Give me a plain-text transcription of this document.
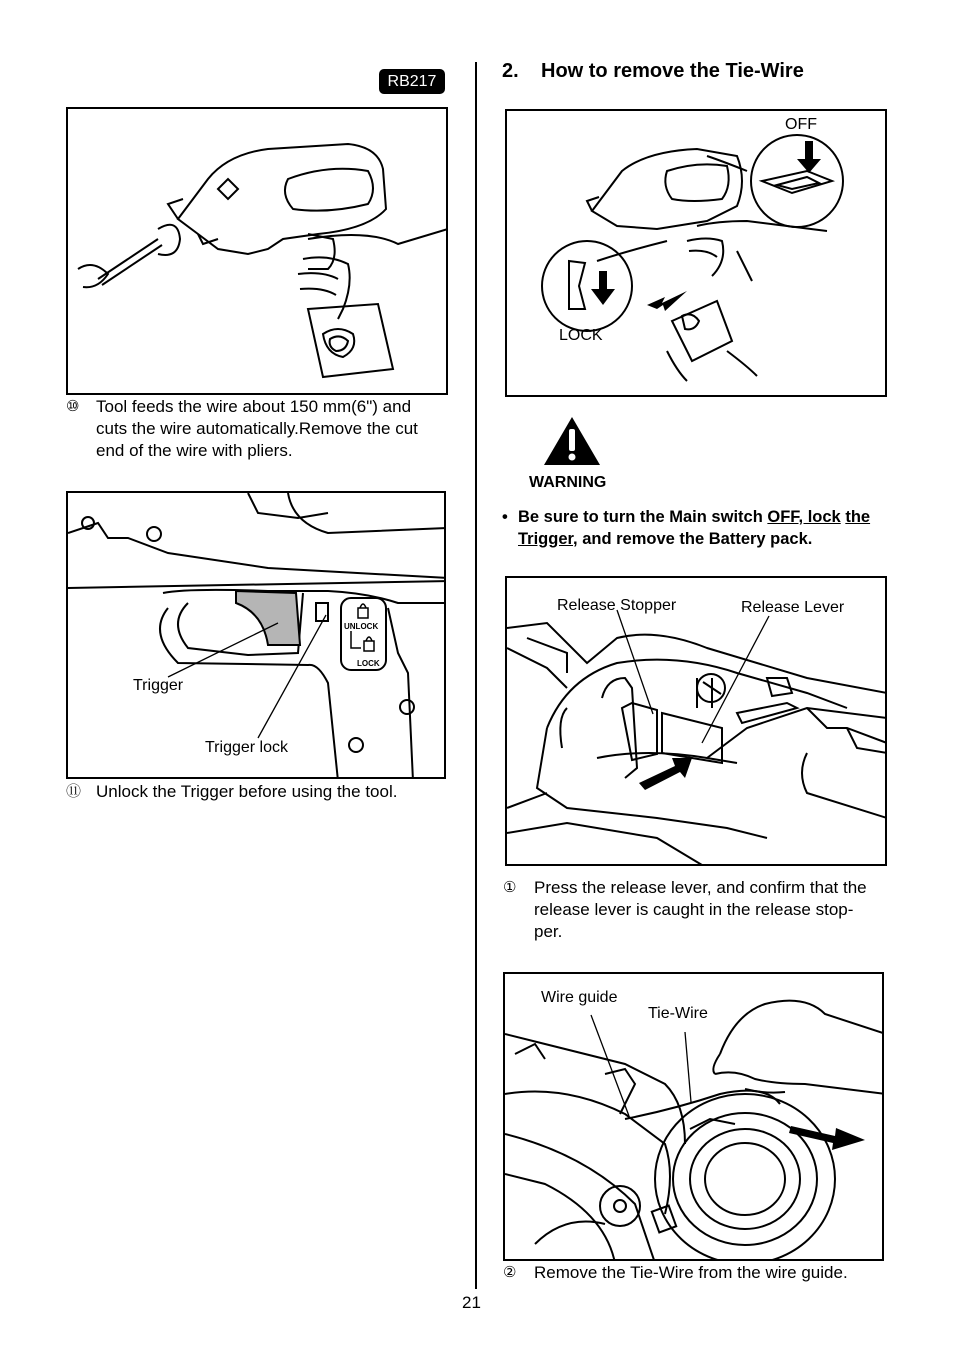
RB217
⑩ Tool feeds the wire about 150 mm(6") and
cuts the wire automatically.Remove the cut
end of the wire with pliers.
Trigger
Trigger lock
UNLOCK
LOCK
⑪ Unlock the Trigger before using the tool.
2. How to remove the Tie-Wire
OFF
LOCK
WARNING
• Be sure to turn the Main switch OFF, lock the Trigger, and remove the Battery pack.
Release Stopper	Release Lever
① Press the release lever, and confirm that the
release lever is caught in the release stop-
per.
Wire guide
Tie-Wire
② Remove the Tie-Wire from the wire guide.
21
